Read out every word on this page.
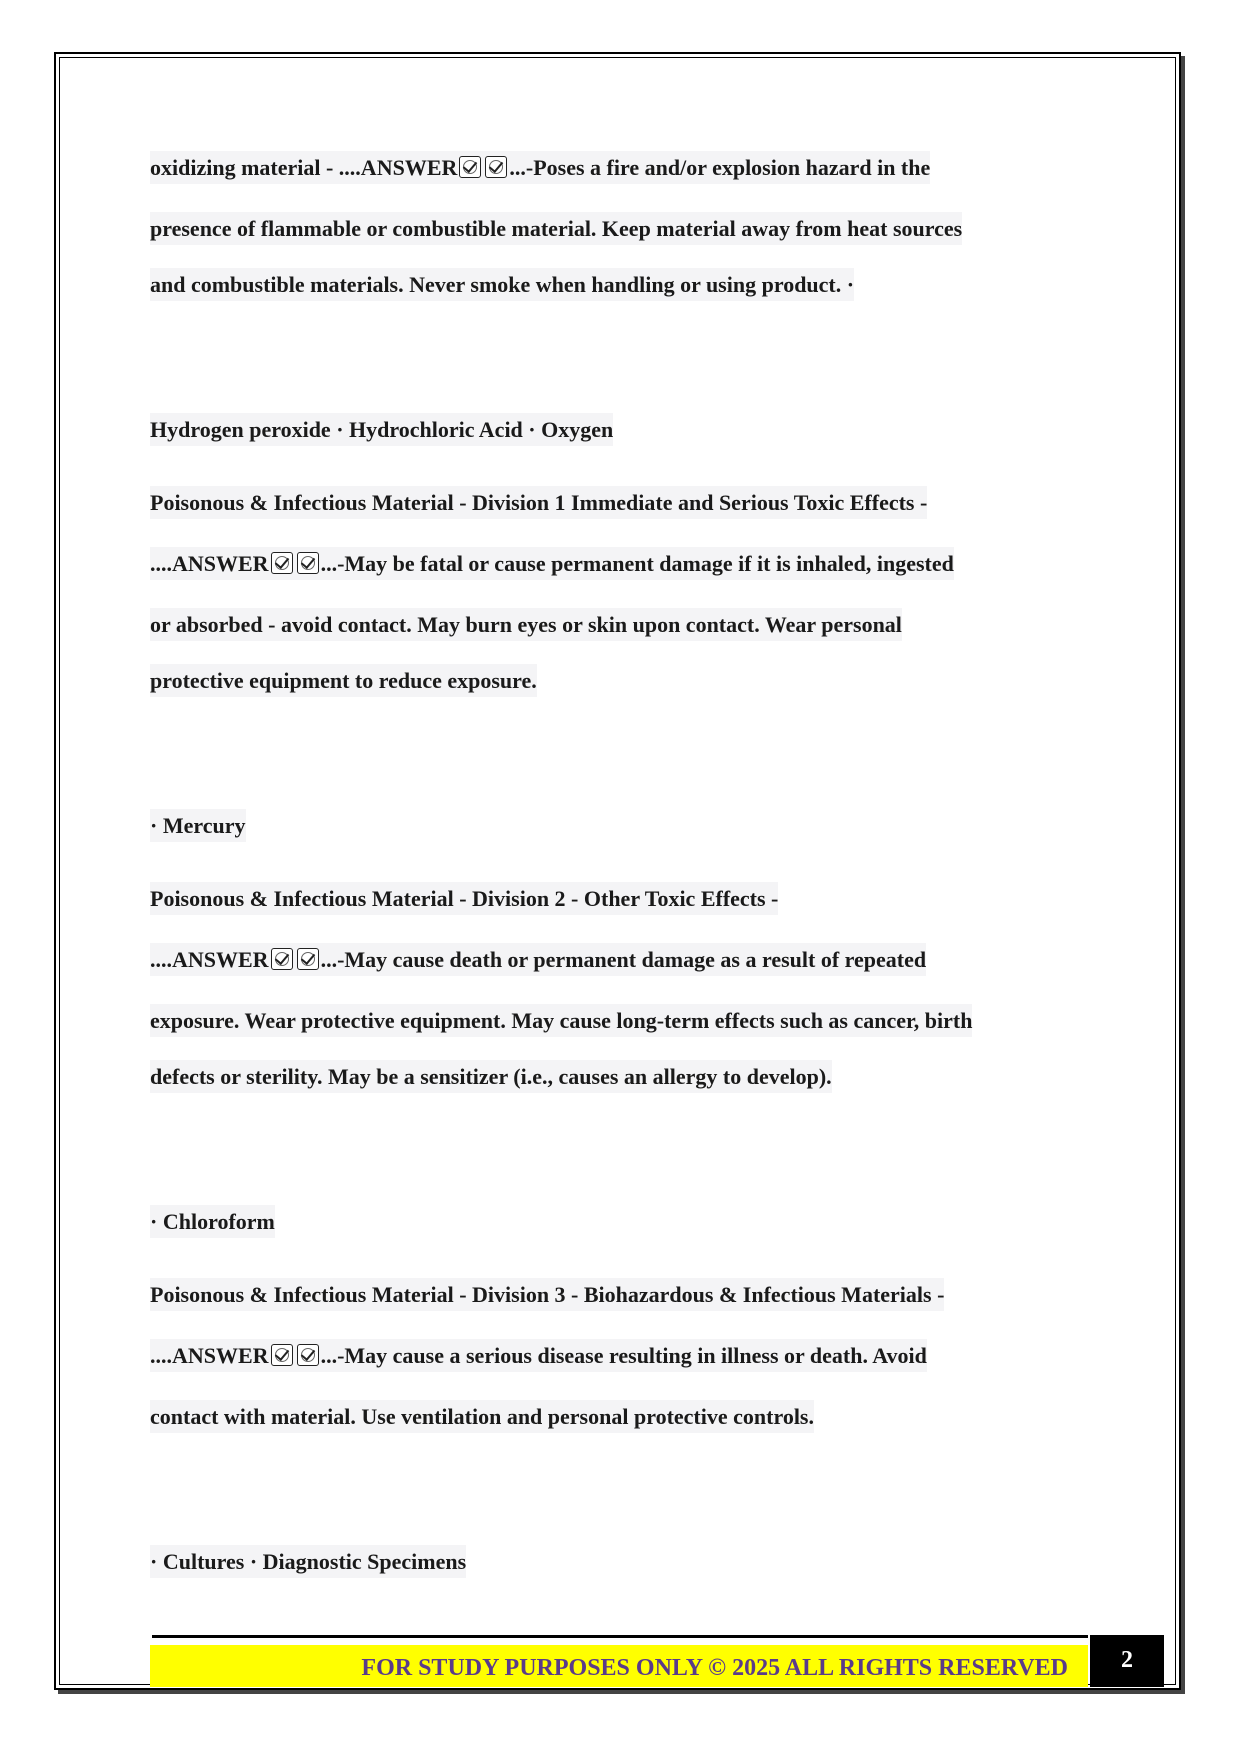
oxidizing material - ....ANSWER ...-Poses a fire and/or explosion hazard in the
presence of flammable or combustible material. Keep material away from heat sources
and combustible materials. Never smoke when handling or using product. ·
Hydrogen peroxide · Hydrochloric Acid · Oxygen
Poisonous & Infectious Material - Division 1 Immediate and Serious Toxic Effects -
....ANSWER ...-May be fatal or cause permanent damage if it is inhaled, ingested
or absorbed - avoid contact. May burn eyes or skin upon contact. Wear personal
protective equipment to reduce exposure.
· Mercury
Poisonous & Infectious Material - Division 2 - Other Toxic Effects -
....ANSWER ...-May cause death or permanent damage as a result of repeated
exposure. Wear protective equipment. May cause long-term effects such as cancer, birth
defects or sterility. May be a sensitizer (i.e., causes an allergy to develop).
· Chloroform
Poisonous & Infectious Material - Division 3 - Biohazardous & Infectious Materials -
....ANSWER ...-May cause a serious disease resulting in illness or death. Avoid
contact with material. Use ventilation and personal protective controls.
· Cultures · Diagnostic Specimens
FOR STUDY PURPOSES ONLY © 2025 ALL RIGHTS RESERVED	2
